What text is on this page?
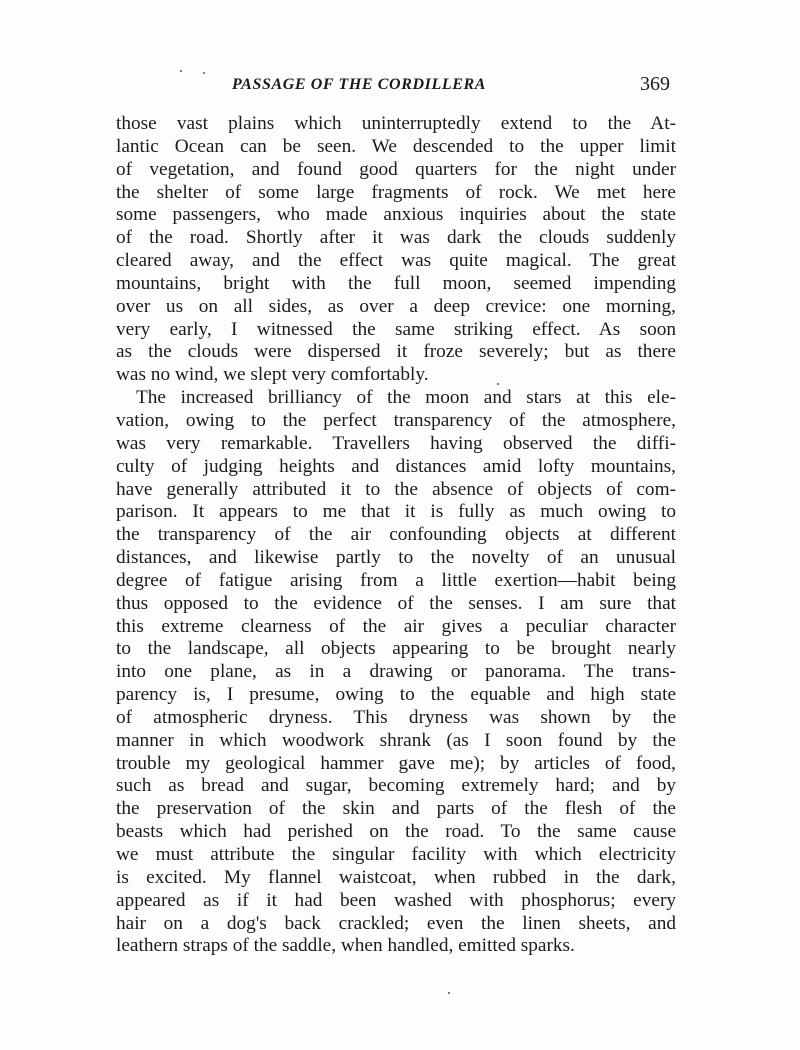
PASSAGE OF THE CORDILLERA	369
those vast plains which uninterruptedly extend to the At-
lantic Ocean can be seen. We descended to the upper limit
of vegetation, and found good quarters for the night under
the shelter of some large fragments of rock. We met here
some passengers, who made anxious inquiries about the state
of the road. Shortly after it was dark the clouds suddenly
cleared away, and the effect was quite magical. The great
mountains, bright with the full moon, seemed impending
over us on all sides, as over a deep crevice: one morning,
very early, I witnessed the same striking effect. As soon
as the clouds were dispersed it froze severely; but as there
was no wind, we slept very comfortably.
The increased brilliancy of the moon and stars at this ele-
vation, owing to the perfect transparency of the atmosphere,
was very remarkable. Travellers having observed the diffi-
culty of judging heights and distances amid lofty mountains,
have generally attributed it to the absence of objects of com-
parison. It appears to me that it is fully as much owing to
the transparency of the air confounding objects at different
distances, and likewise partly to the novelty of an unusual
degree of fatigue arising from a little exertion—habit being
thus opposed to the evidence of the senses. I am sure that
this extreme clearness of the air gives a peculiar character
to the landscape, all objects appearing to be brought nearly
into one plane, as in a drawing or panorama. The trans-
parency is, I presume, owing to the equable and high state
of atmospheric dryness. This dryness was shown by the
manner in which woodwork shrank (as I soon found by the
trouble my geological hammer gave me); by articles of food,
such as bread and sugar, becoming extremely hard; and by
the preservation of the skin and parts of the flesh of the
beasts which had perished on the road. To the same cause
we must attribute the singular facility with which electricity
is excited. My flannel waistcoat, when rubbed in the dark,
appeared as if it had been washed with phosphorus; every
hair on a dog's back crackled; even the linen sheets, and
leathern straps of the saddle, when handled, emitted sparks.
